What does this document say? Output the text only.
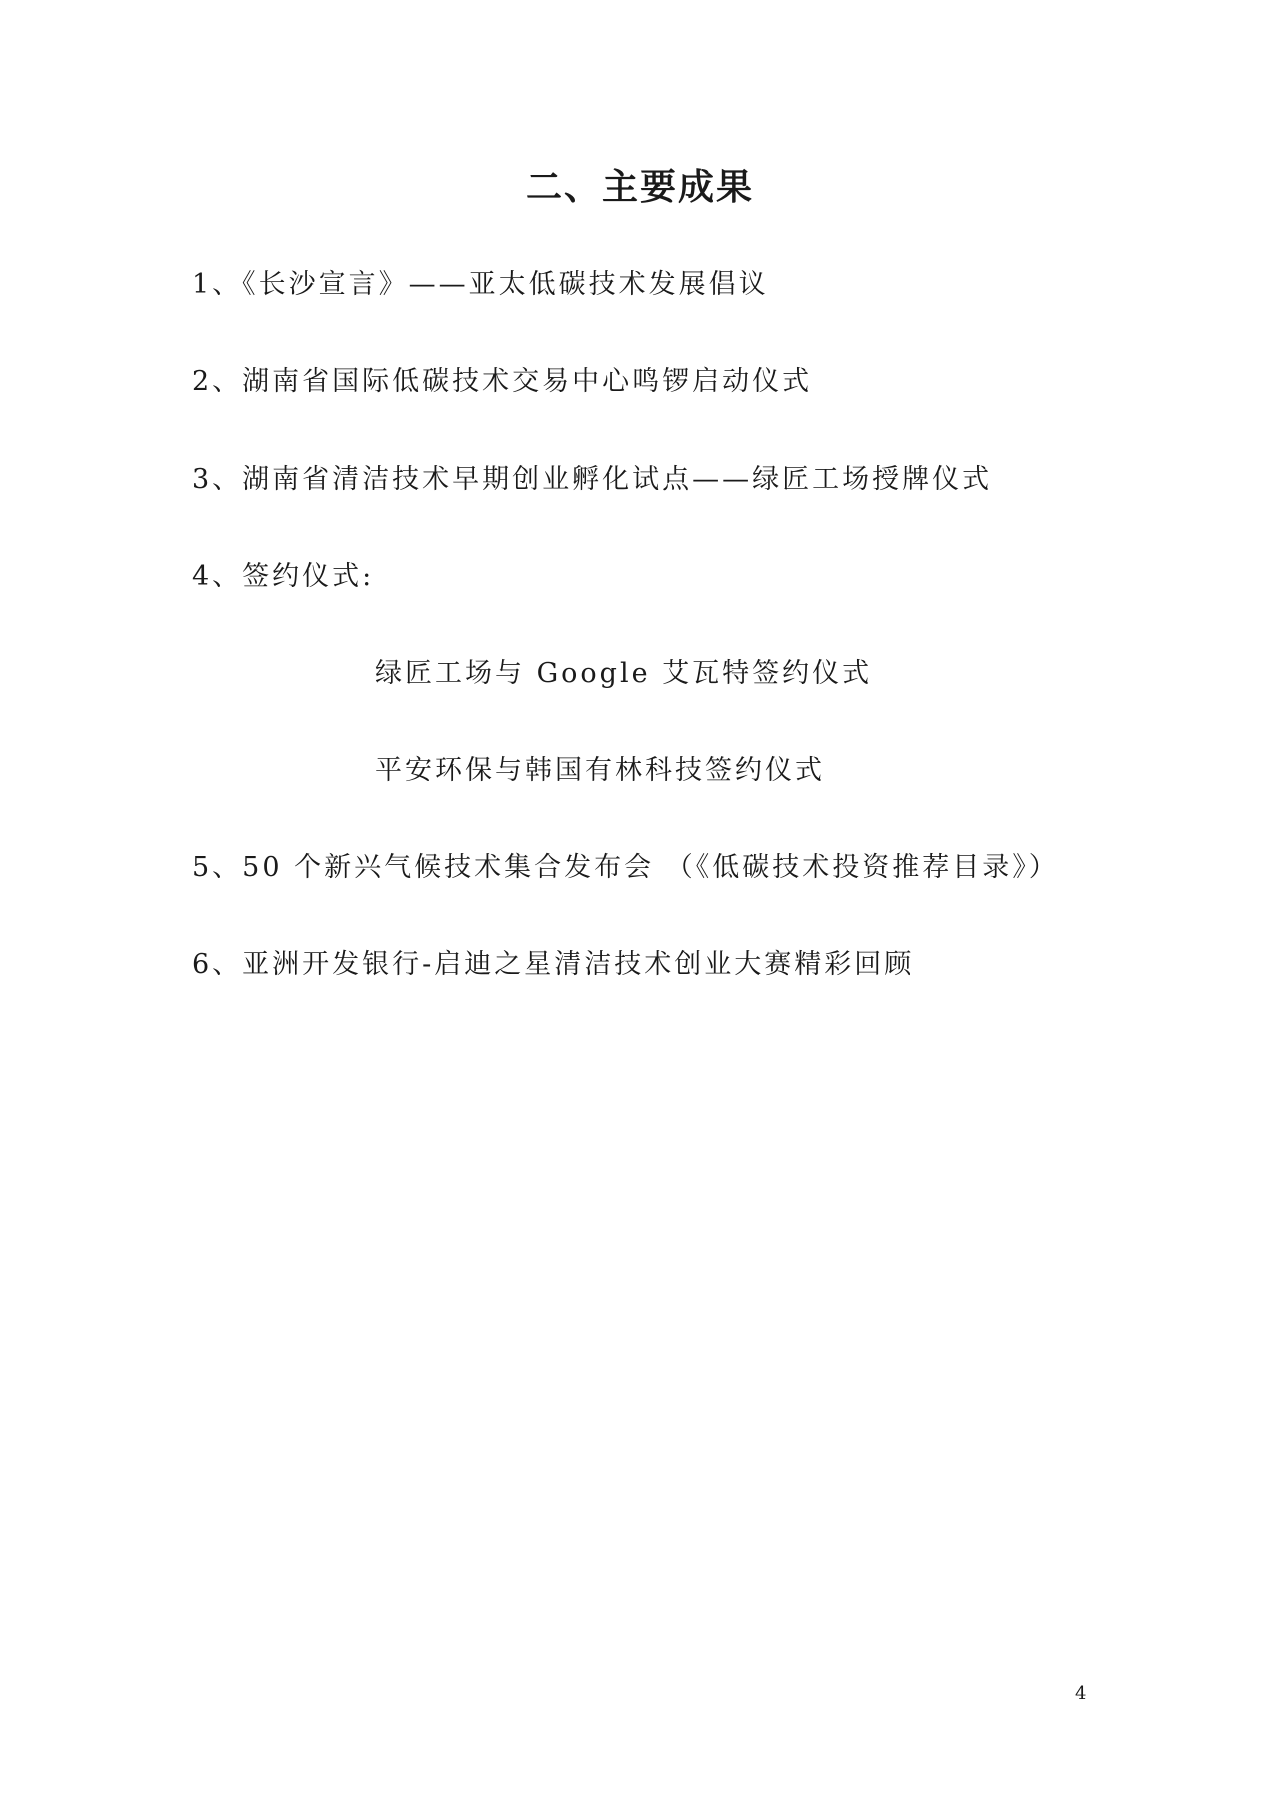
二、主要成果
1、《长沙宣言》——亚太低碳技术发展倡议
2、湖南省国际低碳技术交易中心鸣锣启动仪式
3、湖南省清洁技术早期创业孵化试点——绿匠工场授牌仪式
4、签约仪式:
绿匠工场与 Google 艾瓦特签约仪式
平安环保与韩国有林科技签约仪式
5、50 个新兴气候技术集合发布会 （《低碳技术投资推荐目录》）
6、亚洲开发银行-启迪之星清洁技术创业大赛精彩回顾
4
